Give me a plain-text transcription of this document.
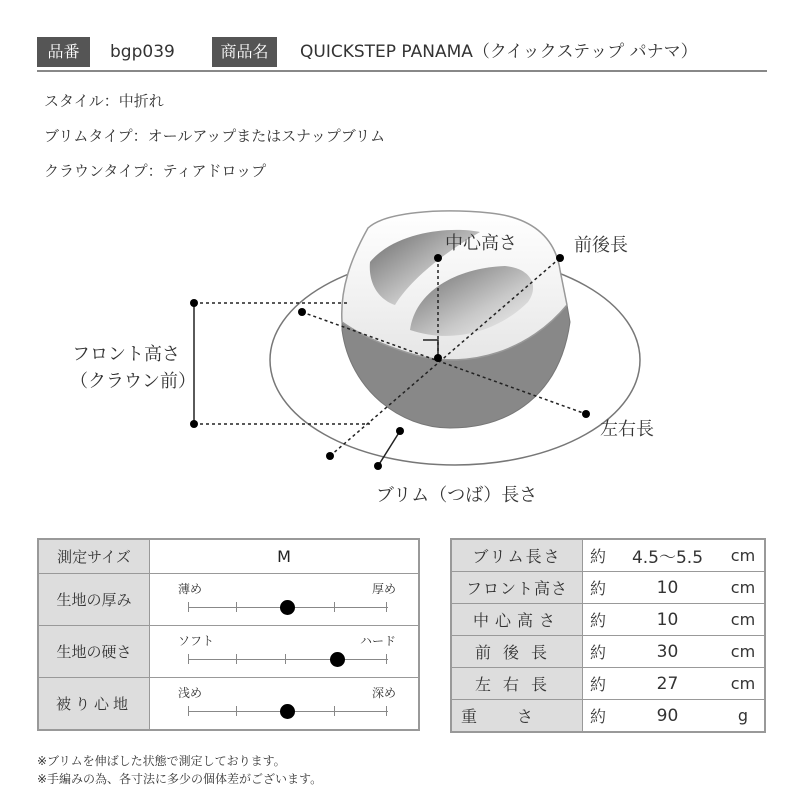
品番	bgp039	商品名	QUICKSTEP PANAMA（クイックステップ パナマ）
スタイル：中折れ
ブリムタイプ：オールアップまたはスナップブリム
クラウンタイプ：ティアドロップ
中心高さ	前後長
フロント高さ
（クラウン前）
左右長
ブリム（つば）長さ
測定サイズ	M
生地の厚み	薄め 厚め

生地の硬さ	ソフト ハード

被り心地	浅め 深め
ブリム長さ	約	4.5～5.5	cm
フロント高さ	約	10	cm
中心高さ	約	10	cm
前後長	約	30	cm
左右長	約	27	cm
重さ	約	90	g
※ブリムを伸ばした状態で測定しております。
※手編みの為、各寸法に多少の個体差がございます。
